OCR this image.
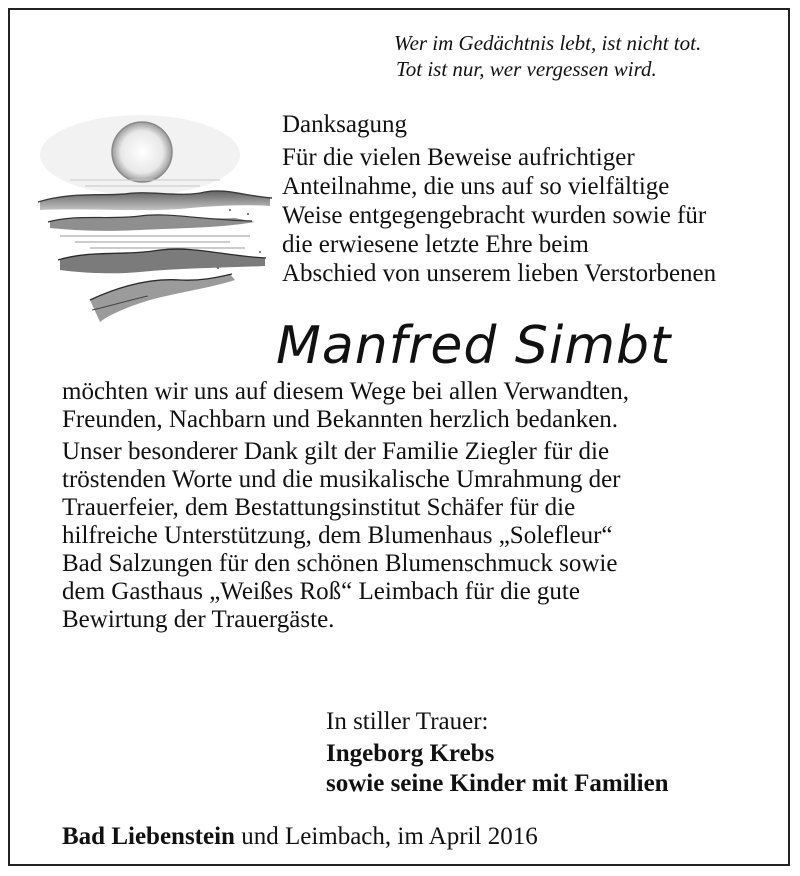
Wer im Gedächtnis lebt, ist nicht tot.
Tot ist nur, wer vergessen wird.
Danksagung
Für die vielen Beweise aufrichtiger
Anteilnahme, die uns auf so vielfältige
Weise entgegengebracht wurden sowie für
die erwiesene letzte Ehre beim
Abschied von unserem lieben Verstorbenen
Manfred Simbt
möchten wir uns auf diesem Wege bei allen Verwandten,
Freunden, Nachbarn und Bekannten herzlich bedanken.
Unser besonderer Dank gilt der Familie Ziegler für die
tröstenden Worte und die musikalische Umrahmung der
Trauerfeier, dem Bestattungsinstitut Schäfer für die
hilfreiche Unterstützung, dem Blumenhaus „Solefleur“
Bad Salzungen für den schönen Blumenschmuck sowie
dem Gasthaus „Weißes Roß“ Leimbach für die gute
Bewirtung der Trauergäste.
In stiller Trauer:
Ingeborg Krebs
sowie seine Kinder mit Familien
Bad Liebenstein und Leimbach, im April 2016
